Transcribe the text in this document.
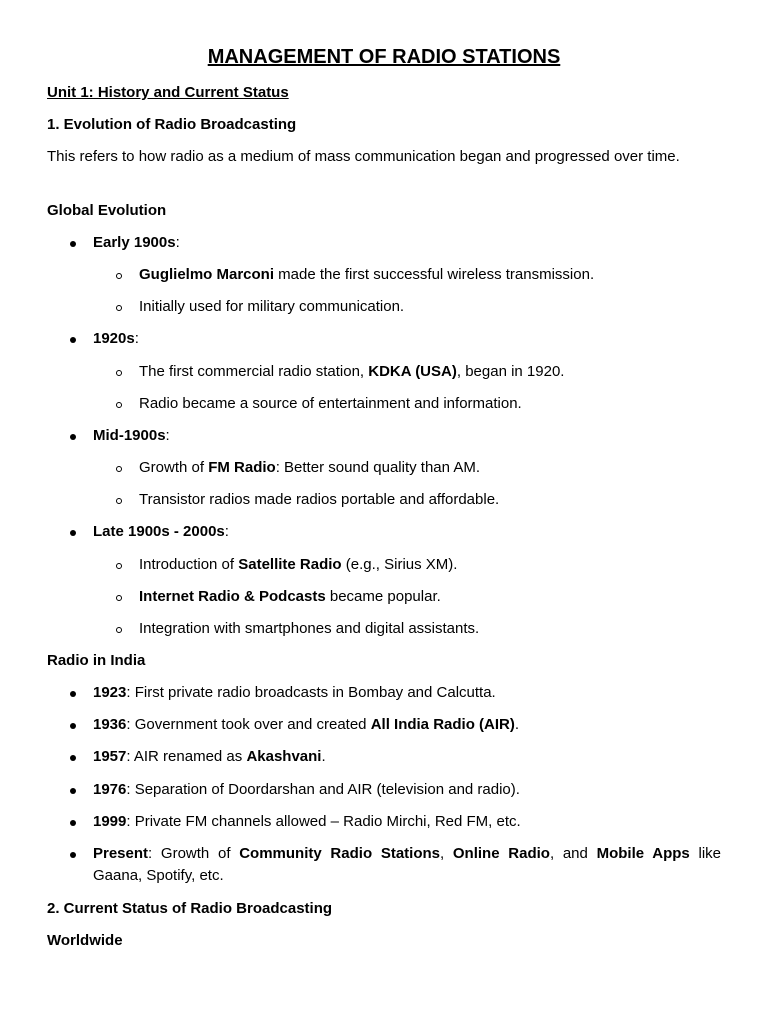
MANAGEMENT OF RADIO STATIONS

Unit 1: History and Current Status

1. Evolution of Radio Broadcasting

This refers to how radio as a medium of mass communication began and progressed over time.

Global Evolution

Early 1900s:

Guglielmo Marconi made the first successful wireless transmission.

Initially used for military communication.

1920s:

The first commercial radio station, KDKA (USA), began in 1920.

Radio became a source of entertainment and information.

Mid-1900s:

Growth of FM Radio: Better sound quality than AM.

Transistor radios made radios portable and affordable.

Late 1900s - 2000s:

Introduction of Satellite Radio (e.g., Sirius XM).

Internet Radio & Podcasts became popular.

Integration with smartphones and digital assistants.

Radio in India

1923: First private radio broadcasts in Bombay and Calcutta.

1936: Government took over and created All India Radio (AIR).

1957: AIR renamed as Akashvani.

1976: Separation of Doordarshan and AIR (television and radio).

1999: Private FM channels allowed – Radio Mirchi, Red FM, etc.

Present: Growth of Community Radio Stations, Online Radio, and Mobile Apps like Gaana, Spotify, etc.

2. Current Status of Radio Broadcasting

Worldwide
